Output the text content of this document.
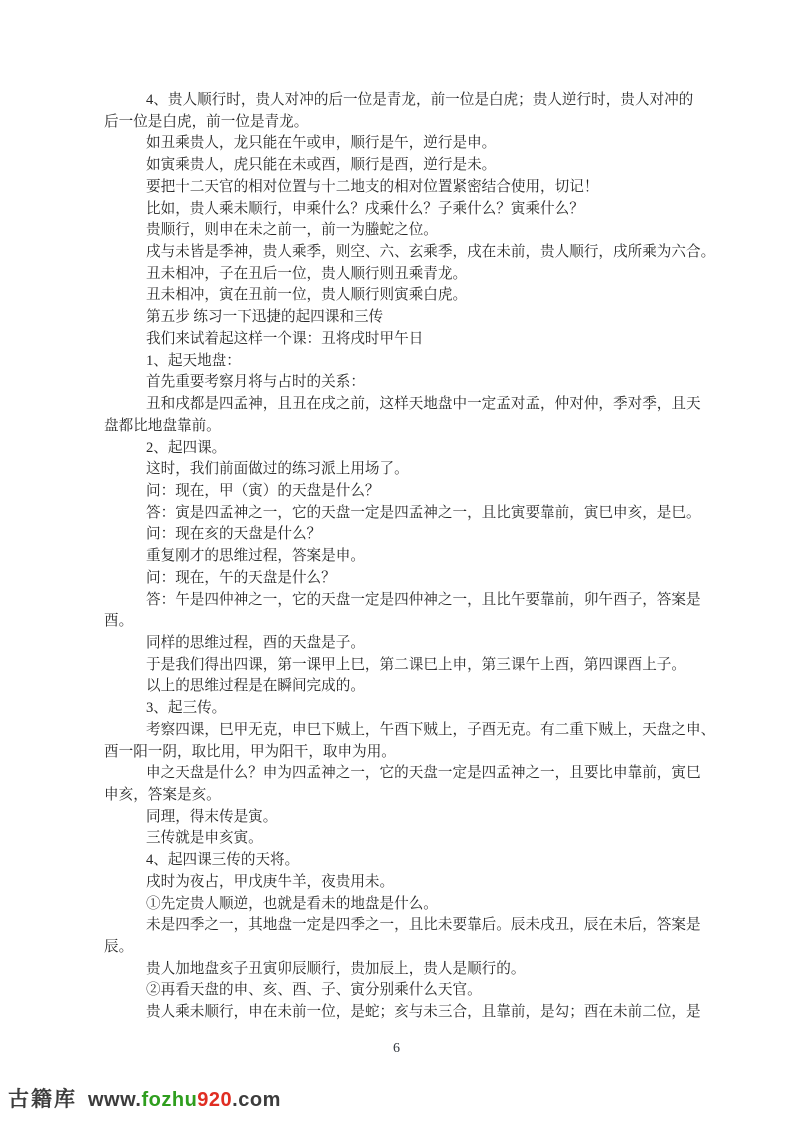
4、贵人顺行时，贵人对冲的后一位是青龙，前一位是白虎；贵人逆行时，贵人对冲的
后一位是白虎，前一位是青龙。
如丑乘贵人，龙只能在午或申，顺行是午，逆行是申。
如寅乘贵人，虎只能在未或酉，顺行是酉，逆行是未。
要把十二天官的相对位置与十二地支的相对位置紧密结合使用，切记！
比如，贵人乘未顺行，申乘什么？戌乘什么？子乘什么？寅乘什么？
贵顺行，则申在未之前一，前一为螣蛇之位。
戌与未皆是季神，贵人乘季，则空、六、玄乘季，戌在未前，贵人顺行，戌所乘为六合。
丑未相冲，子在丑后一位，贵人顺行则丑乘青龙。
丑未相冲，寅在丑前一位，贵人顺行则寅乘白虎。
第五步 练习一下迅捷的起四课和三传
我们来试着起这样一个课：丑将戌时甲午日
1、起天地盘：
首先重要考察月将与占时的关系：
丑和戌都是四孟神，且丑在戌之前，这样天地盘中一定孟对孟，仲对仲，季对季，且天
盘都比地盘靠前。
2、起四课。
这时，我们前面做过的练习派上用场了。
问：现在，甲（寅）的天盘是什么？
答：寅是四孟神之一，它的天盘一定是四孟神之一，且比寅要靠前，寅巳申亥，是巳。
问：现在亥的天盘是什么？
重复刚才的思维过程，答案是申。
问：现在，午的天盘是什么？
答：午是四仲神之一，它的天盘一定是四仲神之一，且比午要靠前，卯午酉子，答案是
酉。
同样的思维过程，酉的天盘是子。
于是我们得出四课，第一课甲上巳，第二课巳上申，第三课午上酉，第四课酉上子。
以上的思维过程是在瞬间完成的。
3、起三传。
考察四课，巳甲无克，申巳下贼上，午酉下贼上，子酉无克。有二重下贼上，天盘之申、
酉一阳一阴，取比用，甲为阳干，取申为用。
申之天盘是什么？申为四孟神之一，它的天盘一定是四孟神之一，且要比申靠前，寅巳
申亥，答案是亥。
同理，得末传是寅。
三传就是申亥寅。
4、起四课三传的天将。
戌时为夜占，甲戊庚牛羊，夜贵用未。
①先定贵人顺逆，也就是看未的地盘是什么。
未是四季之一，其地盘一定是四季之一，且比未要靠后。辰未戌丑，辰在未后，答案是
辰。
贵人加地盘亥子丑寅卯辰顺行，贵加辰上，贵人是顺行的。
②再看天盘的申、亥、酉、子、寅分别乘什么天官。
贵人乘未顺行，申在未前一位，是蛇；亥与未三合，且靠前，是勾；酉在未前二位，是
6
古籍库 www. fozhu 920 .com
